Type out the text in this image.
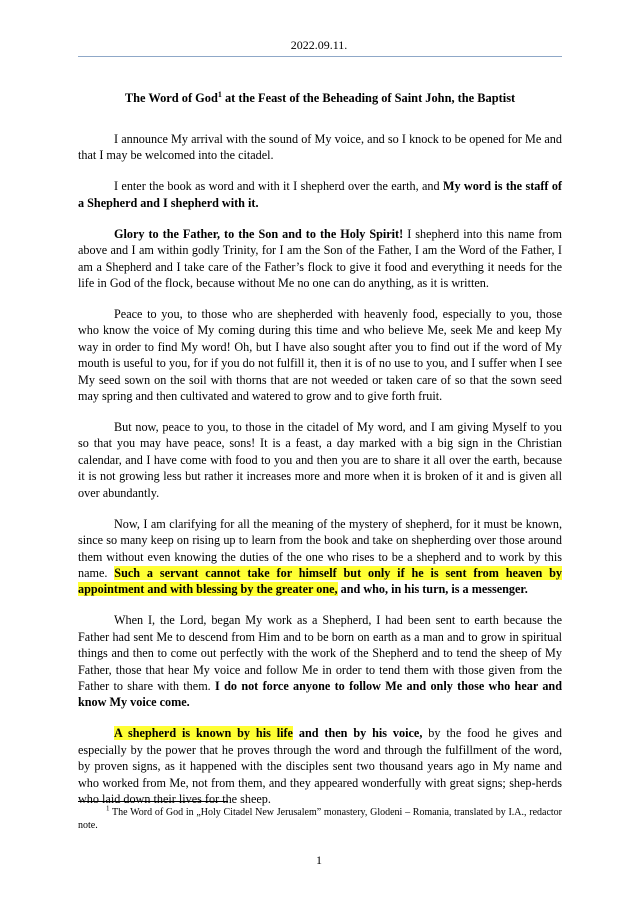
2022.09.11.
The Word of God$^1$ at the Feast of the Beheading of Saint John, the Baptist

I announce My arrival with the sound of My voice, and so I knock to be opened for Me and that I may be welcomed into the citadel.

I enter the book as word and with it I shepherd over the earth, and My word is the staff of a Shepherd and I shepherd with it.

Glory to the Father, to the Son and to the Holy Spirit! I shepherd into this name from above and I am within godly Trinity, for I am the Son of the Father, I am the Word of the Father, I am a Shepherd and I take care of the Father’s flock to give it food and everything it needs for the life in God of the flock, because without Me no one can do anything, as it is written.

Peace to you, to those who are shepherded with heavenly food, especially to you, those who know the voice of My coming during this time and who believe Me, seek Me and keep My way in order to find My word! Oh, but I have also sought after you to find out if the word of My mouth is useful to you, for if you do not fulfill it, then it is of no use to you, and I suffer when I see My seed sown on the soil with thorns that are not weeded or taken care of so that the sown seed may spring and then cultivated and watered to grow and to give forth fruit.

But now, peace to you, to those in the citadel of My word, and I am giving Myself to you so that you may have peace, sons! It is a feast, a day marked with a big sign in the Christian calendar, and I have come with food to you and then you are to share it all over the earth, because it is not growing less but rather it increases more and more when it is broken of it and is given all over abundantly.

Now, I am clarifying for all the meaning of the mystery of shepherd, for it must be known, since so many keep on rising up to learn from the book and take on shepherding over those around them without even knowing the duties of the one who rises to be a shepherd and to work by this name. Such a servant cannot take for himself but only if he is sent from heaven by appointment and with blessing by the greater one, and who, in his turn, is a messenger.

When I, the Lord, began My work as a Shepherd, I had been sent to earth because the Father had sent Me to descend from Him and to be born on earth as a man and to grow in spiritual things and then to come out perfectly with the work of the Shepherd and to tend the sheep of My Father, those that hear My voice and follow Me in order to tend them with those given from the Father to share with them. I do not force anyone to follow Me and only those who hear and know My voice come.

A shepherd is known by his life and then by his voice, by the food he gives and especially by the power that he proves through the word and through the fulfillment of the word, by proven signs, as it happened with the disciples sent two thousand years ago in My name and who worked from Me, not from them, and they appeared wonderfully with great signs; shep-herds who laid down their lives for the sheep.

$^1$ The Word of God in „Holy Citadel New Jerusalem” monastery, Glodeni – Romania, translated by I.A., redactor note.

1
